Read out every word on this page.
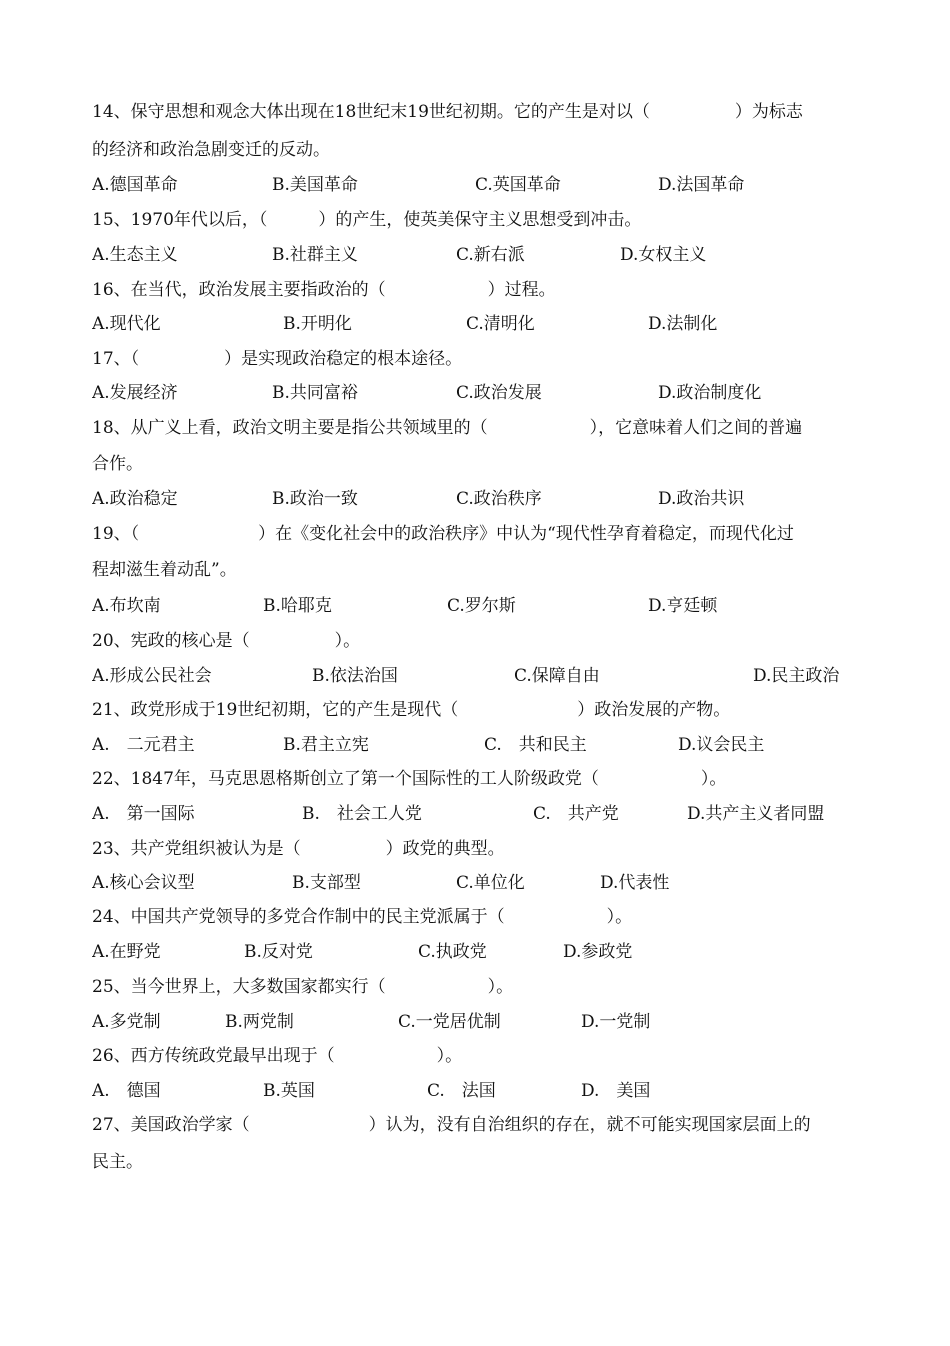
14、保守思想和观念大体出现在18世纪末19世纪初期。它的产生是对以（　　　　　）为标志
的经济和政治急剧变迁的反动。
A.德国革命	B.美国革命	C.英国革命	D.法国革命
15、1970年代以后，（　　　）的产生，使英美保守主义思想受到冲击。
A.生态主义	B.社群主义	C.新右派	D.女权主义
16、在当代，政治发展主要指政治的（　　　　　　）过程。
A.现代化	B.开明化	C.清明化	D.法制化
17、（　　　　　）是实现政治稳定的根本途径。
A.发展经济	B.共同富裕	C.政治发展	D.政治制度化
18、从广义上看，政治文明主要是指公共领域里的（　　　　　　），它意味着人们之间的普遍
合作。
A.政治稳定	B.政治一致	C.政治秩序	D.政治共识
19、（　　　　　　　）在《变化社会中的政治秩序》中认为“现代性孕育着稳定，而现代化过
程却滋生着动乱”。
A.布坎南	B.哈耶克	C.罗尔斯	D.亨廷顿
20、宪政的核心是（　　　　　）。
A.形成公民社会	B.依法治国	C.保障自由	D.民主政治
21、政党形成于19世纪初期，它的产生是现代（　　　　　　　）政治发展的产物。
A.　二元君主	B.君主立宪	C.　共和民主	D.议会民主
22、1847年，马克思恩格斯创立了第一个国际性的工人阶级政党（　　　　　　）。
A.　第一国际	B.　社会工人党	C.　共产党	D.共产主义者同盟
23、共产党组织被认为是（　　　　　）政党的典型。
A.核心会议型	B.支部型	C.单位化	D.代表性
24、中国共产党领导的多党合作制中的民主党派属于（　　　　　　）。
A.在野党	B.反对党	C.执政党	D.参政党
25、当今世界上，大多数国家都实行（　　　　　　）。
A.多党制	B.两党制	C.一党居优制	D.一党制
26、西方传统政党最早出现于（　　　　　　）。
A.　德国	B.英国	C.　法国	D.　美国
27、美国政治学家（　　　　　　　）认为，没有自治组织的存在，就不可能实现国家层面上的
民主。
